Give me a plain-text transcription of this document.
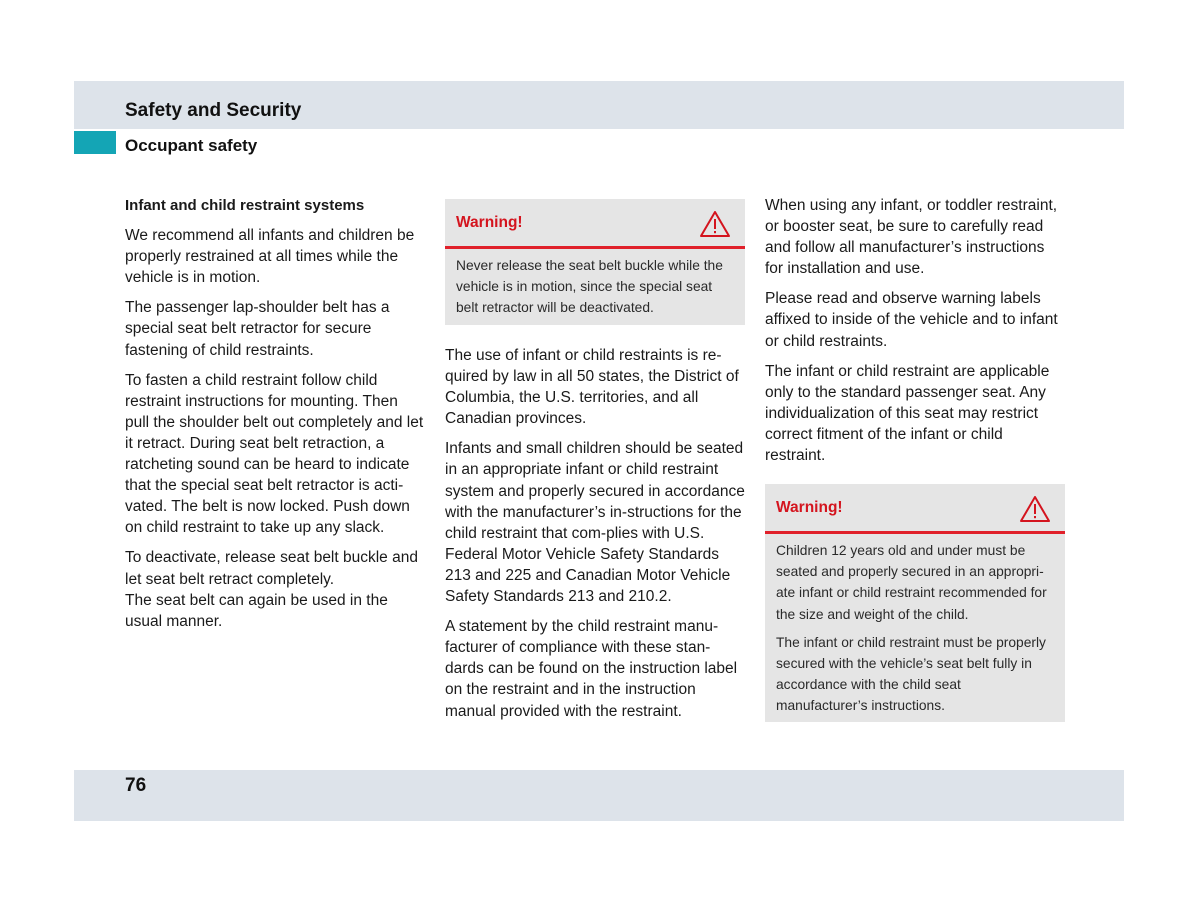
Safety and Security
Occupant safety
Infant and child restraint systems

We recommend all infants and children be properly restrained at all times while the vehicle is in motion.

The passenger lap-shoulder belt has a special seat belt retractor for secure fastening of child restraints.

To fasten a child restraint follow child restraint instructions for mounting. Then pull the shoulder belt out completely and let it retract. During seat belt retraction, a ratcheting sound can be heard to indicate that the special seat belt retractor is acti-vated. The belt is now locked. Push down on child restraint to take up any slack.

To deactivate, release seat belt buckle and let seat belt retract completely.

The seat belt can again be used in the usual manner.

Warning!

Never release the seat belt buckle while the vehicle is in motion, since the special seat belt retractor will be deactivated.

The use of infant or child restraints is re-quired by law in all 50 states, the District of Columbia, the U.S. territories, and all Canadian provinces.

Infants and small children should be seated in an appropriate infant or child restraint system and properly secured in accordance with the manufacturer’s in-structions for the child restraint that com-plies with U.S. Federal Motor Vehicle Safety Standards 213 and 225 and Canadian Motor Vehicle Safety Standards 213 and 210.2.

A statement by the child restraint manu-facturer of compliance with these stan-dards can be found on the instruction label on the restraint and in the instruction manual provided with the restraint.

When using any infant, or toddler restraint, or booster seat, be sure to carefully read and follow all manufacturer’s instructions for installation and use.

Please read and observe warning labels affixed to inside of the vehicle and to infant or child restraints.

The infant or child restraint are applicable only to the standard passenger seat. Any individualization of this seat may restrict correct fitment of the infant or child restraint.

Warning!

Children 12 years old and under must be seated and properly secured in an appropri-ate infant or child restraint recommended for the size and weight of the child.

The infant or child restraint must be properly secured with the vehicle’s seat belt fully in accordance with the child seat manufacturer’s instructions.

76
